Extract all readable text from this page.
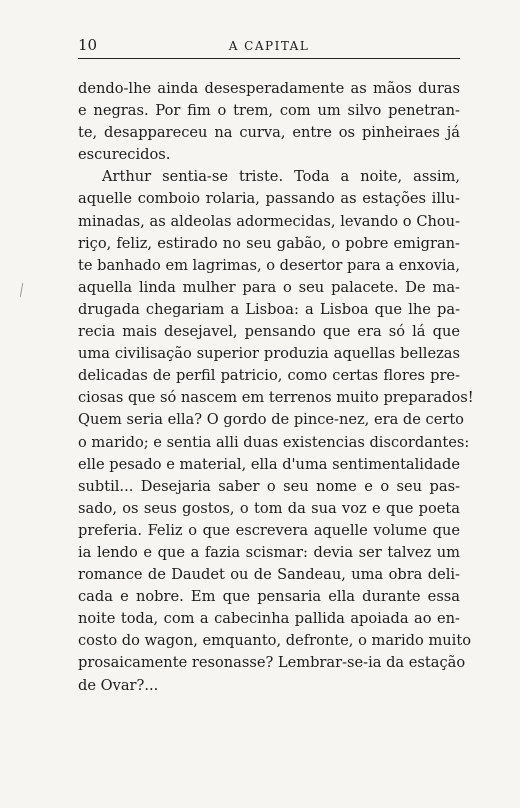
10	A CAPITAL
dendo-lhe ainda desesperadamente as mãos duras
e negras. Por fim o trem, com um silvo penetran-
te, desappareceu na curva, entre os pinheiraes já
escurecidos.
Arthur sentia-se triste. Toda a noite, assim,
aquelle comboio rolaria, passando as estações illu-
minadas, as aldeolas adormecidas, levando o Chou-
riço, feliz, estirado no seu gabão, o pobre emigran-
te banhado em lagrimas, o desertor para a enxovia,
aquella linda mulher para o seu palacete. De ma-
drugada chegariam a Lisboa: a Lisboa que lhe pa-
recia mais desejavel, pensando que era só lá que
uma civilisação superior produzia aquellas bellezas
delicadas de perfil patricio, como certas flores pre-
ciosas que só nascem em terrenos muito preparados!
Quem seria ella? O gordo de pince-nez, era de certo
o marido; e sentia alli duas existencias discordantes:
elle pesado e material, ella d'uma sentimentalidade
subtil... Desejaria saber o seu nome e o seu pas-
sado, os seus gostos, o tom da sua voz e que poeta
preferia. Feliz o que escrevera aquelle volume que
ia lendo e que a fazia scismar: devia ser talvez um
romance de Daudet ou de Sandeau, uma obra deli-
cada e nobre. Em que pensaria ella durante essa
noite toda, com a cabecinha pallida apoiada ao en-
costo do wagon, emquanto, defronte, o marido muito
prosaicamente resonasse? Lembrar-se-ia da estação
de Ovar?...
